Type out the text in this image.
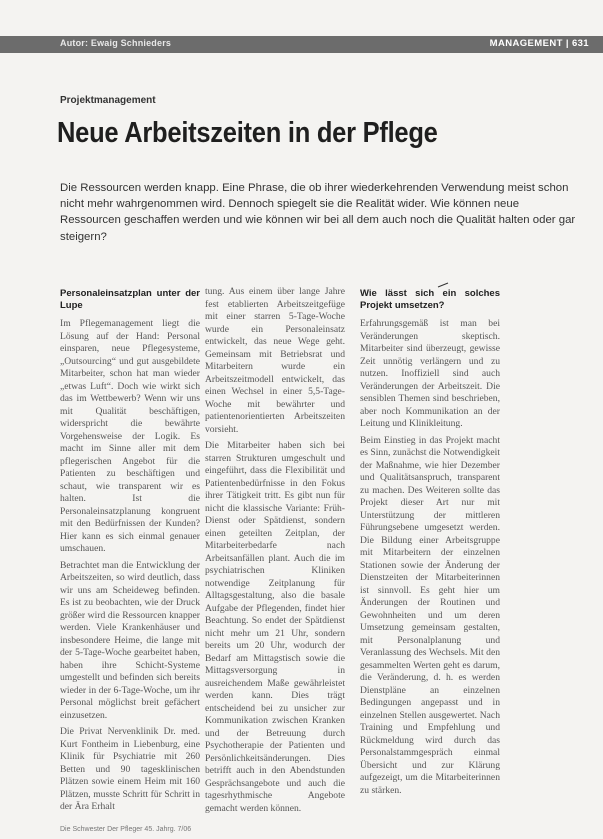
Autor: Ewaig Schnieders	MANAGEMENT | 631
Projektmanagement
Neue Arbeitszeiten in der Pflege
Die Ressourcen werden knapp. Eine Phrase, die ob ihrer wiederkehrenden Verwendung meist schon nicht mehr wahrgenommen wird. Dennoch spiegelt sie die Realität wider. Wie können neue Ressourcen geschaffen werden und wie können wir bei all dem auch noch die Qualität halten oder gar steigern?
Personaleinsatzplan unter der Lupe

Im Pflegemanagement liegt die Lösung auf der Hand: Personal einsparen, neue Pflegesysteme, „Outsourcing“ und gut ausgebildete Mitarbeiter, schon hat man wieder „etwas Luft“. Doch wie wirkt sich das im Wettbewerb? Wenn wir uns mit Qualität beschäftigen, widerspricht die bewährte Vorgehensweise der Logik. Es macht im Sinne aller mit dem pflegerischen Angebot für die Patienten zu beschäftigen und schaut, wie transparent wir es halten. Ist die Personaleinsatzplanung kongruent mit den Bedürfnissen der Kunden? Hier kann es sich einmal genauer umschauen.

Betrachtet man die Entwicklung der Arbeitszeiten, so wird deutlich, dass wir uns am Scheideweg befinden. Es ist zu beobachten, wie der Druck größer wird die Ressourcen knapper werden. Viele Krankenhäuser und insbesondere Heime, die lange mit der 5-Tage-Woche gearbeitet haben, haben ihre Schicht-Systeme umgestellt und befinden sich bereits wieder in der 6-Tage-Woche, um ihr Personal möglichst breit gefächert einzusetzen.

Die Privat Nervenklinik Dr. med. Kurt Fontheim in Liebenburg, eine Klinik für Psychiatrie mit 260 Betten und 90 tagesklinischen Plätzen sowie einem Heim mit 160 Plätzen, musste Schritt für Schritt in der Ära Erhalt

tung. Aus einem über lange Jahre fest etablierten Arbeitszeitgefüge mit einer starren 5-Tage-Woche wurde ein Personaleinsatz entwickelt, das neue Wege geht. Gemeinsam mit Betriebsrat und Mitarbeitern wurde ein Arbeitszeitmodell entwickelt, das einen Wechsel in einer 5,5-Tage-Woche mit bewährter und patientenorientierten Arbeitszeiten vorsieht.

Die Mitarbeiter haben sich bei starren Strukturen umgeschult und eingeführt, dass die Flexibilität und Patientenbedürfnisse in den Fokus ihrer Tätigkeit tritt. Es gibt nun für nicht die klassische Variante: Früh-Dienst oder Spätdienst, sondern einen geteilten Zeitplan, der Mitarbeiterbedarfe nach Arbeitsanfällen plant. Auch die im psychiatrischen Kliniken notwendige Zeitplanung für Alltagsgestaltung, also die basale Aufgabe der Pflegenden, findet hier Beachtung. So endet der Spätdienst nicht mehr um 21 Uhr, sondern bereits um 20 Uhr, wodurch der Bedarf am Mittagstisch sowie die Mittagsversorgung in ausreichendem Maße gewährleistet werden kann. Dies trägt entscheidend bei zu unsicher zur Kommunikation zwischen Kranken und der Betreuung durch Psychotherapie der Patienten und Persönlichkeitsänderungen. Dies betrifft auch in den Abendstunden Gesprächsangebote und auch die tagesrhythmische Angebote gemacht werden können.

Wie lässt sich ein solches Projekt umsetzen?

Erfahrungsgemäß ist man bei Veränderungen skeptisch. Mitarbeiter sind überzeugt, gewisse Zeit unnötig verlängern und zu nutzen. Inoffiziell sind auch Veränderungen der Arbeitszeit. Die sensiblen Themen sind beschrieben, aber noch Kommunikation an der Leitung und Klinikleitung.

Beim Einstieg in das Projekt macht es Sinn, zunächst die Notwendigkeit der Maßnahme, wie hier Dezember und Qualitätsanspruch, transparent zu machen. Des Weiteren sollte das Projekt dieser Art nur mit Unterstützung der mittleren Führungsebene umgesetzt werden. Die Bildung einer Arbeitsgruppe mit Mitarbeitern der einzelnen Stationen sowie der Änderung der Dienstzeiten der Mitarbeiterinnen ist sinnvoll. Es geht hier um Änderungen der Routinen und Gewohnheiten und um deren Umsetzung gemeinsam gestalten, mit Personalplanung und Veranlassung des Wechsels. Mit den gesammelten Werten geht es darum, die Veränderung, d. h. es werden Dienstpläne an einzelnen Bedingungen angepasst und in einzelnen Stellen ausgewertet. Nach Training und Empfehlung und Rückmeldung wird durch das Personalstammgespräch einmal Übersicht und zur Klärung aufgezeigt, um die Mitarbeiterinnen zu stärken.

Die Schwester Der Pfleger 45. Jahrg. 7/06
